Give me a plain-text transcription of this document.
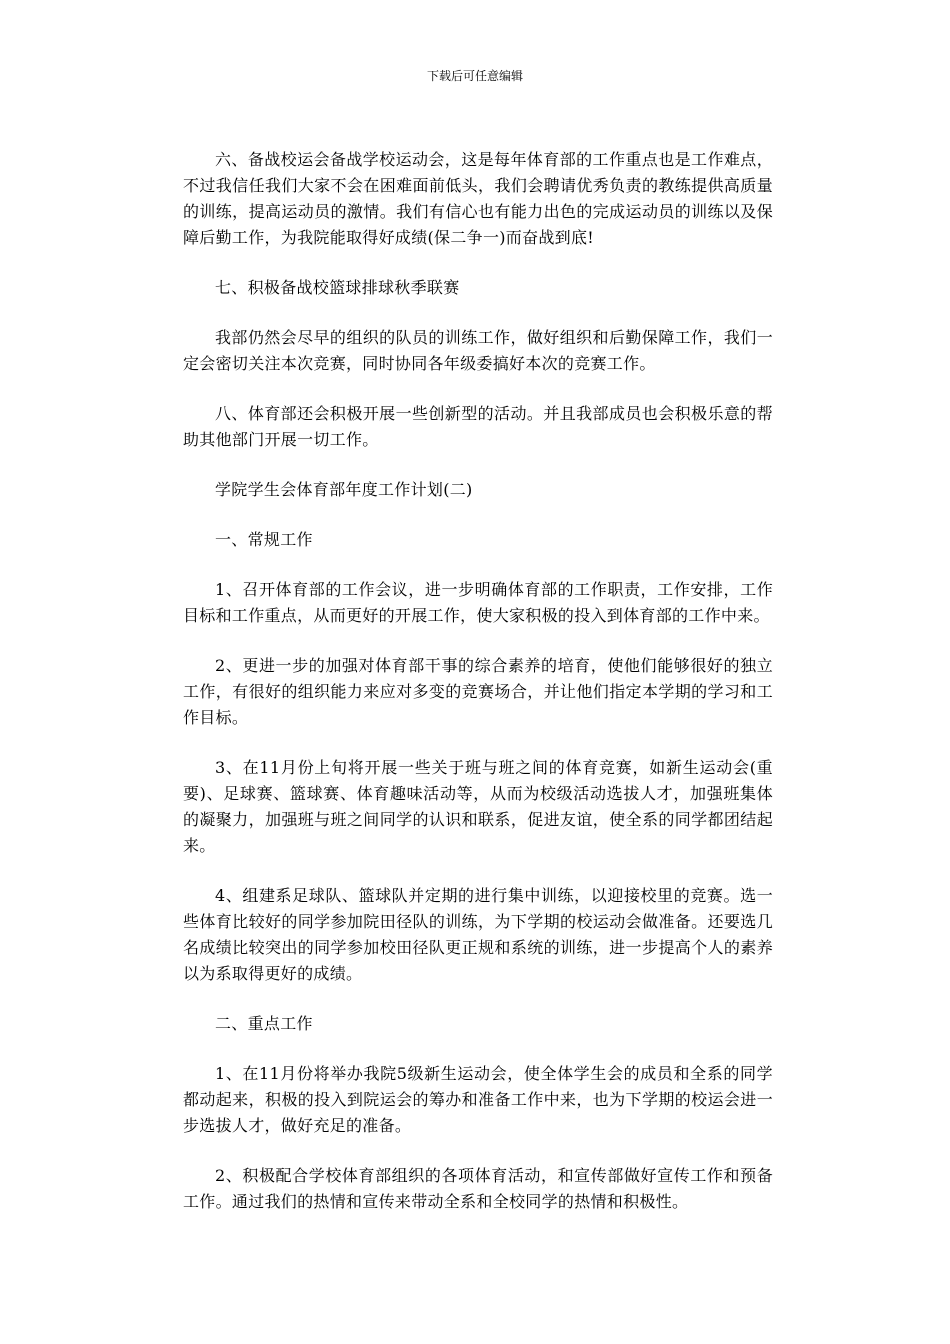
下载后可任意编辑

六、备战校运会备战学校运动会，这是每年体育部的工作重点也是工作难点，不过我信任我们大家不会在困难面前低头，我们会聘请优秀负责的教练提供高质量的训练，提高运动员的激情。我们有信心也有能力出色的完成运动员的训练以及保障后勤工作，为我院能取得好成绩(保二争一)而奋战到底!

七、积极备战校篮球排球秋季联赛

我部仍然会尽早的组织的队员的训练工作，做好组织和后勤保障工作，我们一定会密切关注本次竞赛，同时协同各年级委搞好本次的竞赛工作。

八、体育部还会积极开展一些创新型的活动。并且我部成员也会积极乐意的帮助其他部门开展一切工作。

学院学生会体育部年度工作计划(二)

一、常规工作

1、召开体育部的工作会议，进一步明确体育部的工作职责，工作安排，工作目标和工作重点，从而更好的开展工作，使大家积极的投入到体育部的工作中来。

2、更进一步的加强对体育部干事的综合素养的培育，使他们能够很好的独立工作，有很好的组织能力来应对多变的竞赛场合，并让他们指定本学期的学习和工作目标。

3、在11月份上旬将开展一些关于班与班之间的体育竞赛，如新生运动会(重要)、足球赛、篮球赛、体育趣味活动等，从而为校级活动选拔人才，加强班集体的凝聚力，加强班与班之间同学的认识和联系，促进友谊，使全系的同学都团结起来。

4、组建系足球队、篮球队并定期的进行集中训练，以迎接校里的竞赛。选一些体育比较好的同学参加院田径队的训练，为下学期的校运动会做准备。还要选几名成绩比较突出的同学参加校田径队更正规和系统的训练，进一步提高个人的素养以为系取得更好的成绩。

二、重点工作

1、在11月份将举办我院5级新生运动会，使全体学生会的成员和全系的同学都动起来，积极的投入到院运会的筹办和准备工作中来，也为下学期的校运会进一步选拔人才，做好充足的准备。

2、积极配合学校体育部组织的各项体育活动，和宣传部做好宣传工作和预备工作。通过我们的热情和宣传来带动全系和全校同学的热情和积极性。
